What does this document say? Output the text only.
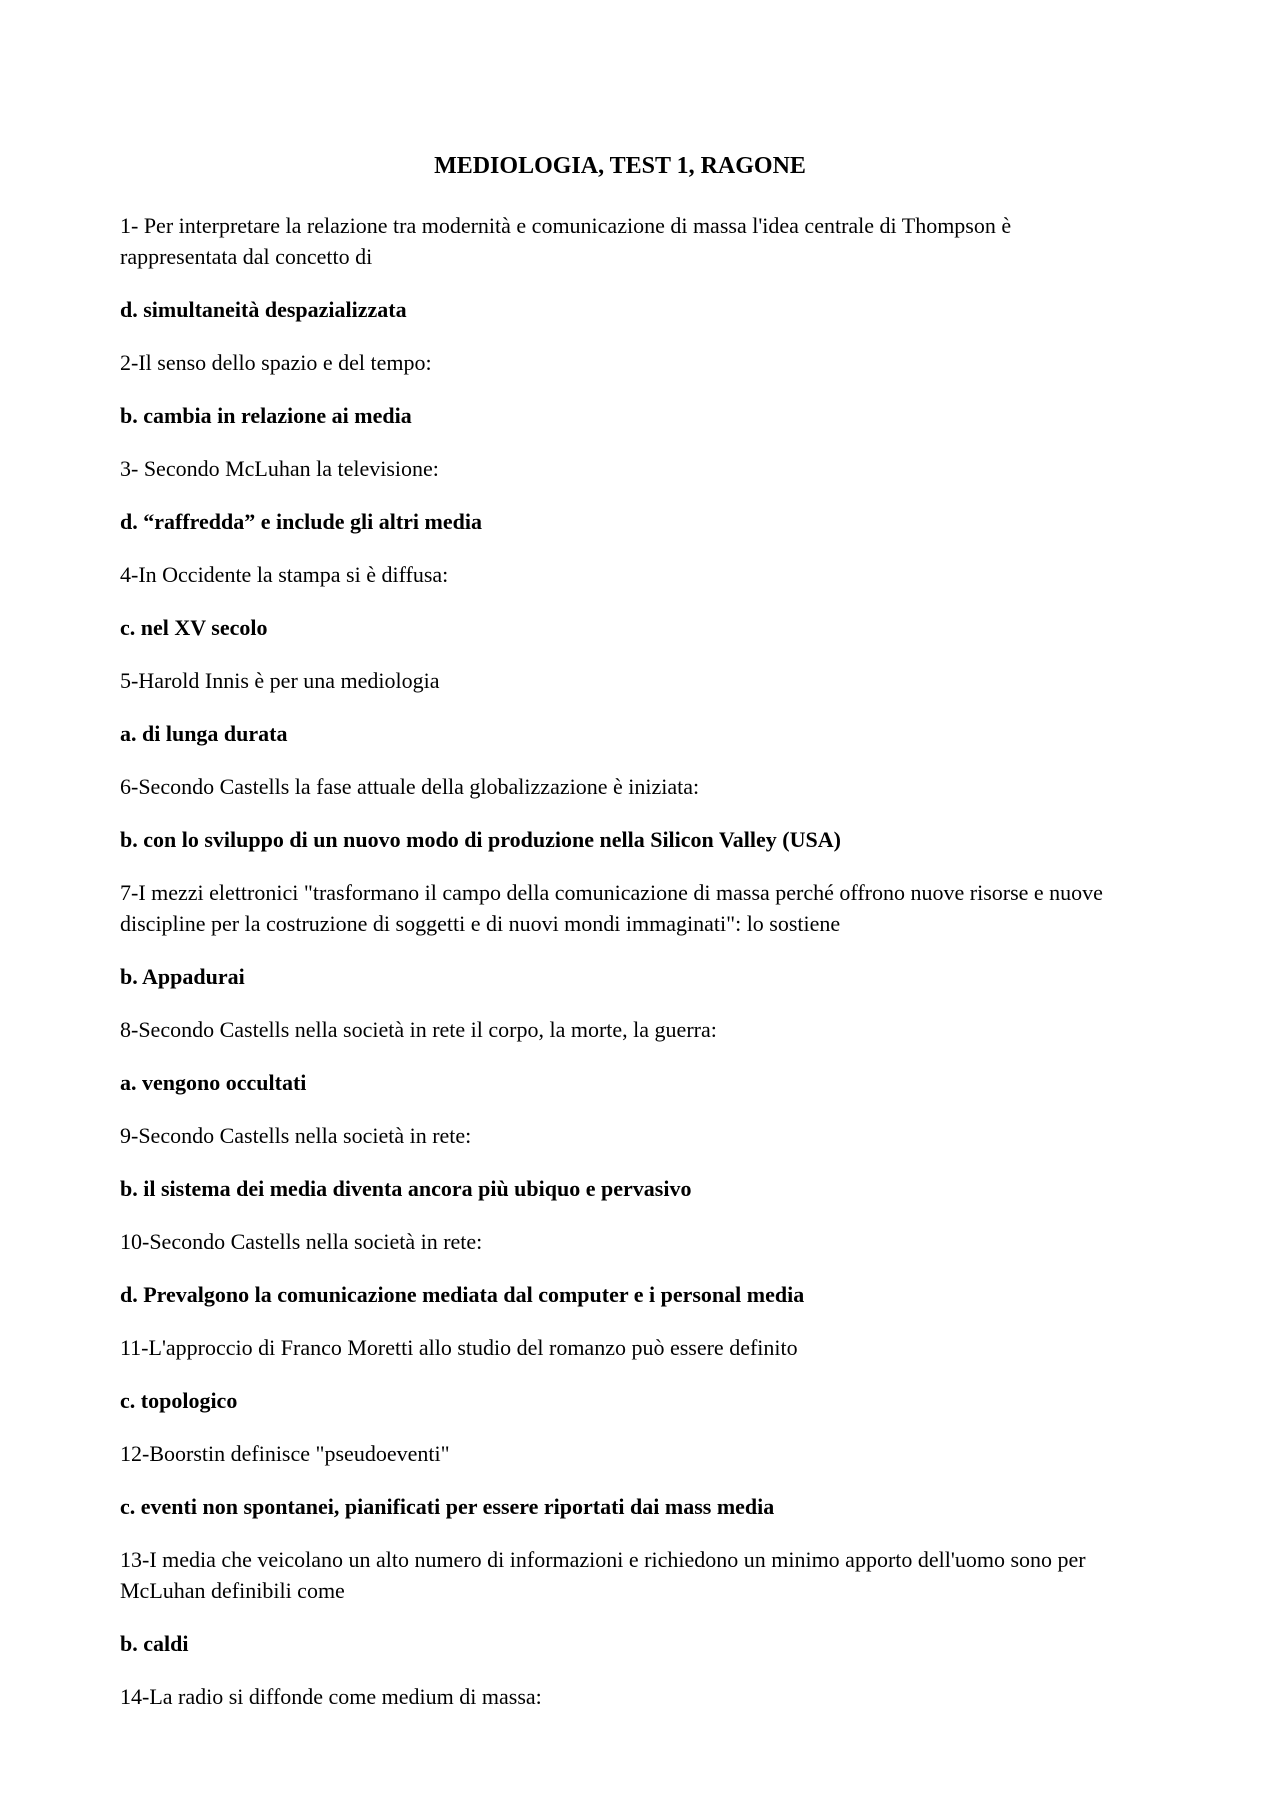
MEDIOLOGIA, TEST 1, RAGONE

1- Per interpretare la relazione tra modernità e comunicazione di massa l'idea centrale di Thompson è rappresentata dal concetto di

d. simultaneità despazializzata

2-Il senso dello spazio e del tempo:

b. cambia in relazione ai media

3- Secondo McLuhan la televisione:

d. “raffredda” e include gli altri media

4-In Occidente la stampa si è diffusa:

c. nel XV secolo

5-Harold Innis è per una mediologia

a. di lunga durata

6-Secondo Castells la fase attuale della globalizzazione è iniziata:

b. con lo sviluppo di un nuovo modo di produzione nella Silicon Valley (USA)

7-I mezzi elettronici "trasformano il campo della comunicazione di massa perché offrono nuove risorse e nuove discipline per la costruzione di soggetti e di nuovi mondi immaginati": lo sostiene

b. Appadurai

8-Secondo Castells nella società in rete il corpo, la morte, la guerra:

a. vengono occultati

9-Secondo Castells nella società in rete:

b. il sistema dei media diventa ancora più ubiquo e pervasivo

10-Secondo Castells nella società in rete:

d. Prevalgono la comunicazione mediata dal computer e i personal media

11-L'approccio di Franco Moretti allo studio del romanzo può essere definito

c. topologico

12-Boorstin definisce "pseudoeventi"

c. eventi non spontanei, pianificati per essere riportati dai mass media

13-I media che veicolano un alto numero di informazioni e richiedono un minimo apporto dell'uomo sono per McLuhan definibili come

b. caldi

14-La radio si diffonde come medium di massa:
